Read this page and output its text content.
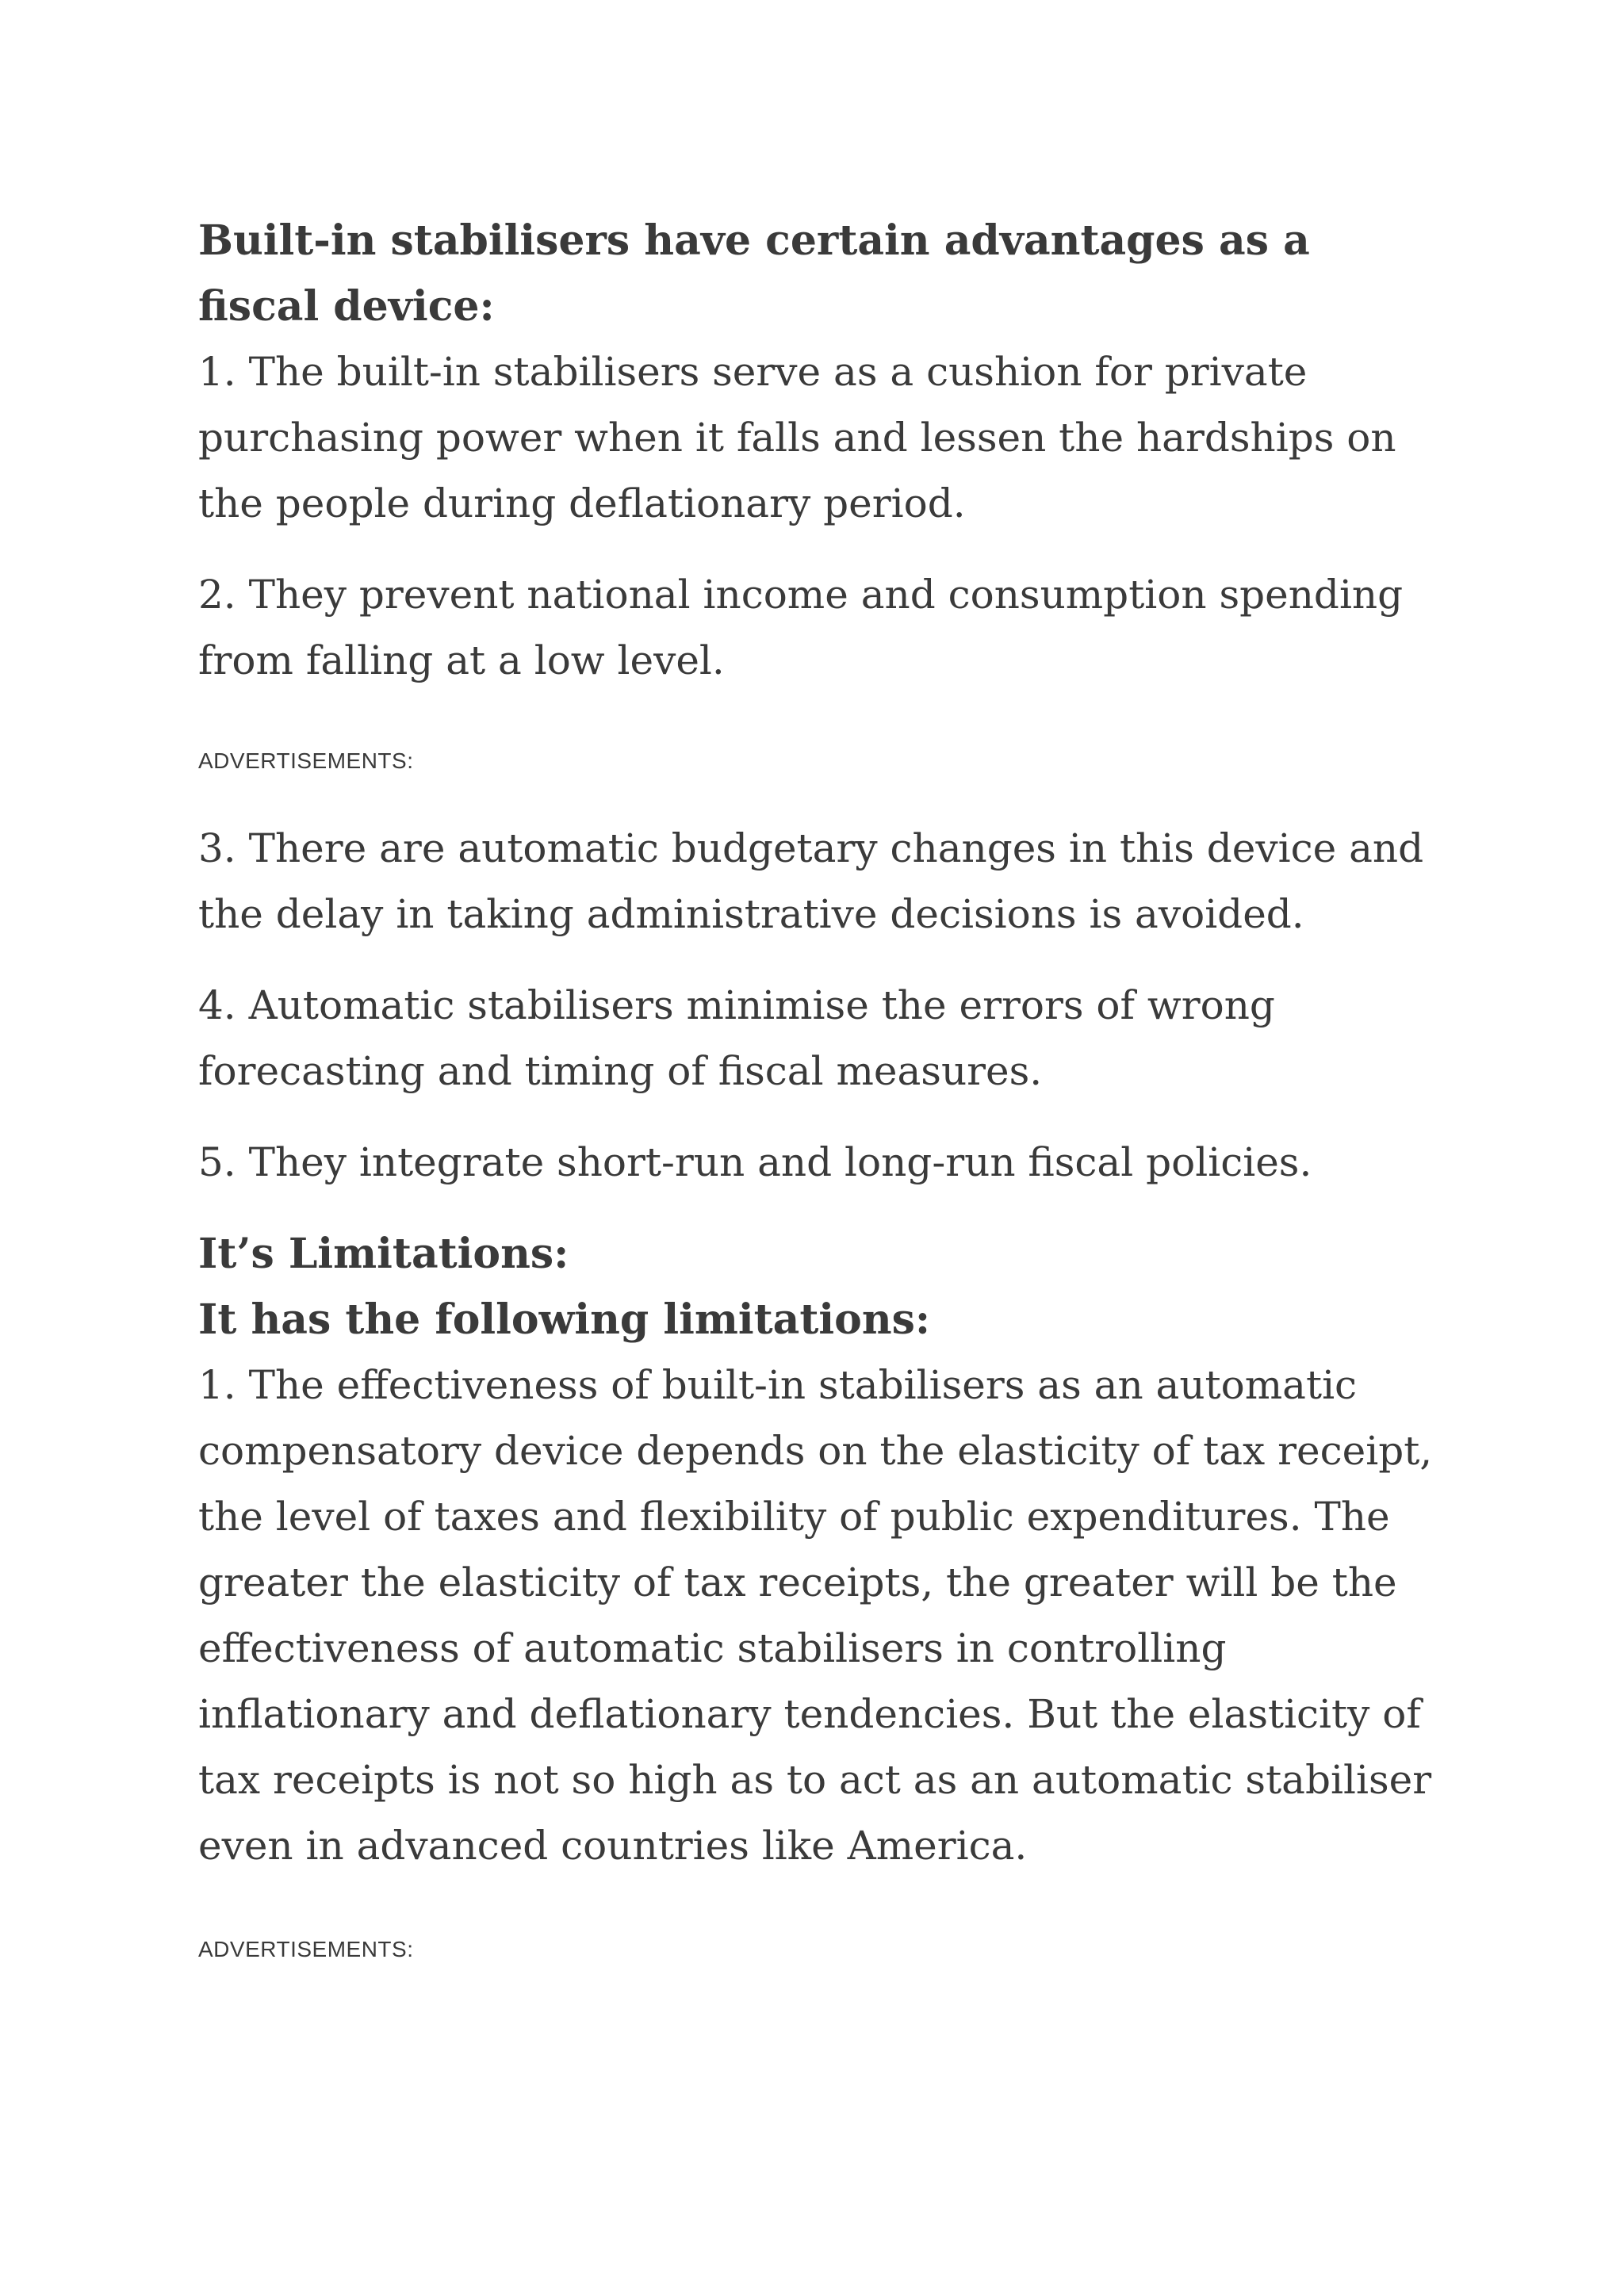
Built-in stabilisers have certain advantages as a fiscal device:

1. The built-in stabilisers serve as a cushion for private purchasing power when it falls and lessen the hardships on the people during deflationary period.

2. They prevent national income and consumption spending from falling at a low level.

ADVERTISEMENTS:

3. There are automatic budgetary changes in this device and the delay in taking administrative decisions is avoided.

4. Automatic stabilisers minimise the errors of wrong forecasting and timing of fiscal measures.

5. They integrate short-run and long-run fiscal policies.

It’s Limitations:
It has the following limitations:

1. The effectiveness of built-in stabilisers as an automatic compensatory device depends on the elasticity of tax receipt, the level of taxes and flexibility of public expenditures. The greater the elasticity of tax receipts, the greater will be the effectiveness of automatic stabilisers in controlling inflationary and deflationary tendencies. But the elasticity of tax receipts is not so high as to act as an automatic stabiliser even in advanced countries like America.

ADVERTISEMENTS:
